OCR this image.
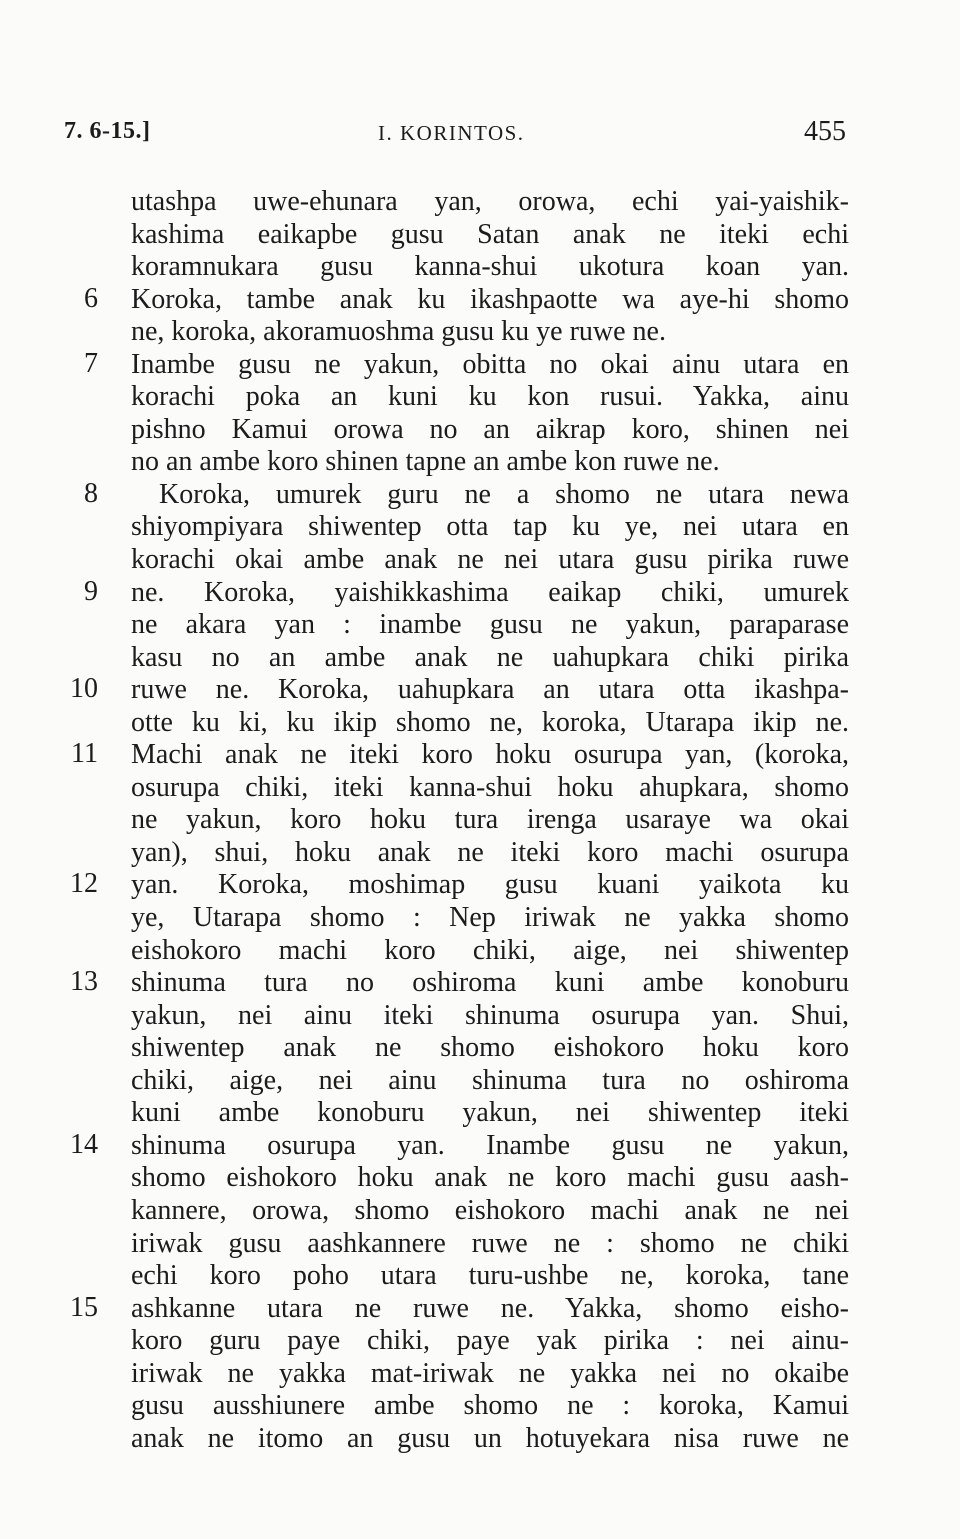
7. 6-15.]	I. KORINTOS.	455
utashpa uwe-ehunara yan, orowa, echi yai-yaishik-
kashima eaikapbe gusu Satan anak ne iteki echi
koramnukara gusu kanna-shui ukotura koan yan.
6 Koroka, tambe anak ku ikashpaotte wa aye-hi shomo
ne, koroka, akoramuoshma gusu ku ye ruwe ne.
7 Inambe gusu ne yakun, obitta no okai ainu utara en
korachi poka an kuni ku kon rusui. Yakka, ainu
pishno Kamui orowa no an aikrap koro, shinen nei
no an ambe koro shinen tapne an ambe kon ruwe ne.
8  Koroka, umurek guru ne a shomo ne utara newa
shiyompiyara shiwentep otta tap ku ye, nei utara en
korachi okai ambe anak ne nei utara gusu pirika ruwe
9 ne. Koroka, yaishikkashima eaikap chiki, umurek
ne akara yan : inambe gusu ne yakun, paraparase
kasu no an ambe anak ne uahupkara chiki pirika
10 ruwe ne. Koroka, uahupkara an utara otta ikashpa-
otte ku ki, ku ikip shomo ne, koroka, Utarapa ikip ne.
11 Machi anak ne iteki koro hoku osurupa yan, (koroka,
osurupa chiki, iteki kanna-shui hoku ahupkara, shomo
ne yakun, koro hoku tura irenga usaraye wa okai
yan), shui, hoku anak ne iteki koro machi osurupa
12 yan. Koroka, moshimap gusu kuani yaikota ku
ye, Utarapa shomo : Nep iriwak ne yakka shomo
eishokoro machi koro chiki, aige, nei shiwentep
13 shinuma tura no oshiroma kuni ambe konoburu
yakun, nei ainu iteki shinuma osurupa yan. Shui,
shiwentep anak ne shomo eishokoro hoku koro
chiki, aige, nei ainu shinuma tura no oshiroma
kuni ambe konoburu yakun, nei shiwentep iteki
14 shinuma osurupa yan. Inambe gusu ne yakun,
shomo eishokoro hoku anak ne koro machi gusu aash-
kannere, orowa, shomo eishokoro machi anak ne nei
iriwak gusu aashkannere ruwe ne : shomo ne chiki
echi koro poho utara turu-ushbe ne, koroka, tane
15 ashkanne utara ne ruwe ne. Yakka, shomo eisho-
koro guru paye chiki, paye yak pirika : nei ainu-
iriwak ne yakka mat-iriwak ne yakka nei no okaibe
gusu ausshiunere ambe shomo ne : koroka, Kamui
anak ne itomo an gusu un hotuyekara nisa ruwe ne
